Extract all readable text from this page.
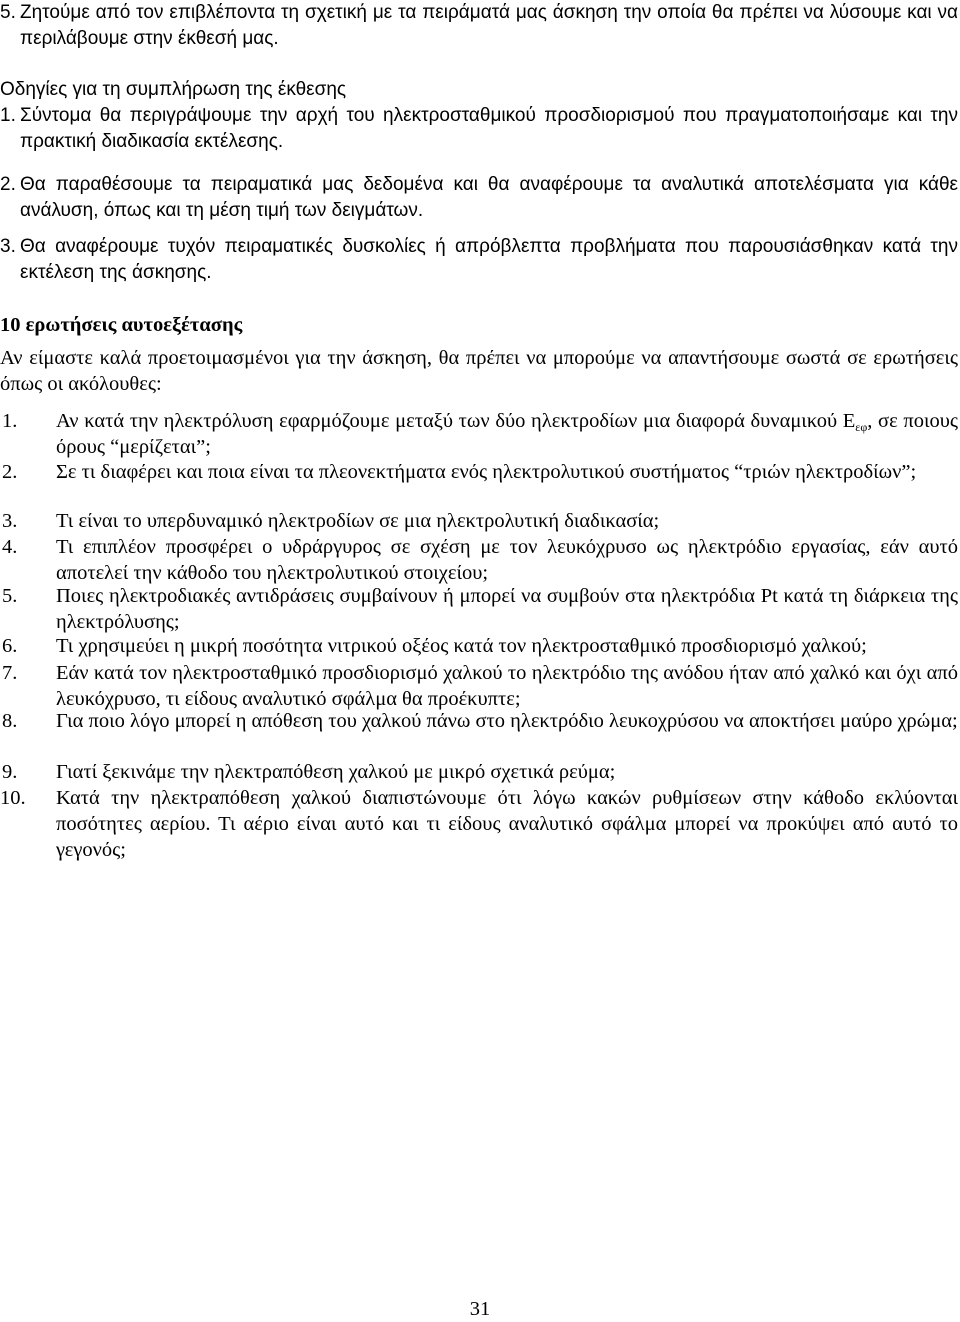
5. Ζητούμε από τον επιβλέποντα τη σχετική με τα πειράματά μας άσκηση την οποία θα πρέπει να λύσουμε και να περιλάβουμε στην έκθεσή μας.
Οδηγίες για τη συμπλήρωση της έκθεσης
1. Σύντομα θα περιγράψουμε την αρχή του ηλεκτροσταθμικού προσδιορισμού που πραγματοποιήσαμε και την πρακτική διαδικασία εκτέλεσης.
2. Θα παραθέσουμε τα πειραματικά μας δεδομένα και θα αναφέρουμε τα αναλυτικά αποτελέσματα για κάθε ανάλυση, όπως και τη μέση τιμή των δειγμάτων.
3. Θα αναφέρουμε τυχόν πειραματικές δυσκολίες ή απρόβλεπτα προβλήματα που παρουσιάσθηκαν κατά την εκτέλεση της άσκησης.
10 ερωτήσεις αυτοεξέτασης
Αν είμαστε καλά προετοιμασμένοι για την άσκηση, θα πρέπει να μπορούμε να απαντήσουμε σωστά σε ερωτήσεις όπως οι ακόλουθες:
1. Αν κατά την ηλεκτρόλυση εφαρμόζουμε μεταξύ των δύο ηλεκτροδίων μια διαφορά δυναμικού $E_{\varepsilon\varphi}$, σε ποιους όρους “μερίζεται”;
2. Σε τι διαφέρει και ποια είναι τα πλεονεκτήματα ενός ηλεκτρολυτικού συστήματος “τριών ηλεκτροδίων”;
3. Τι είναι το υπερδυναμικό ηλεκτροδίων σε μια ηλεκτρολυτική διαδικασία;
4. Τι επιπλέον προσφέρει ο υδράργυρος σε σχέση με τον λευκόχρυσο ως ηλεκτρόδιο εργασίας, εάν αυτό αποτελεί την κάθοδο του ηλεκτρολυτικού στοιχείου;
5. Ποιες ηλεκτροδιακές αντιδράσεις συμβαίνουν ή μπορεί να συμβούν στα ηλεκτρόδια Pt κατά τη διάρκεια της ηλεκτρόλυσης;
6. Τι χρησιμεύει η μικρή ποσότητα νιτρικού οξέος κατά τον ηλεκτροσταθμικό προσδιορισμό χαλκού;
7. Εάν κατά τον ηλεκτροσταθμικό προσδιορισμό χαλκού το ηλεκτρόδιο της ανόδου ήταν από χαλκό και όχι από λευκόχρυσο, τι είδους αναλυτικό σφάλμα θα προέκυπτε;
8. Για ποιο λόγο μπορεί η απόθεση του χαλκού πάνω στο ηλεκτρόδιο λευκοχρύσου να αποκτήσει μαύρο χρώμα;
9. Γιατί ξεκινάμε την ηλεκτραπόθεση χαλκού με μικρό σχετικά ρεύμα;
10. Κατά την ηλεκτραπόθεση χαλκού διαπιστώνουμε ότι λόγω κακών ρυθμίσεων στην κάθοδο εκλύονται ποσότητες αερίου. Τι αέριο είναι αυτό και τι είδους αναλυτικό σφάλμα μπορεί να προκύψει από αυτό το γεγονός;
31
